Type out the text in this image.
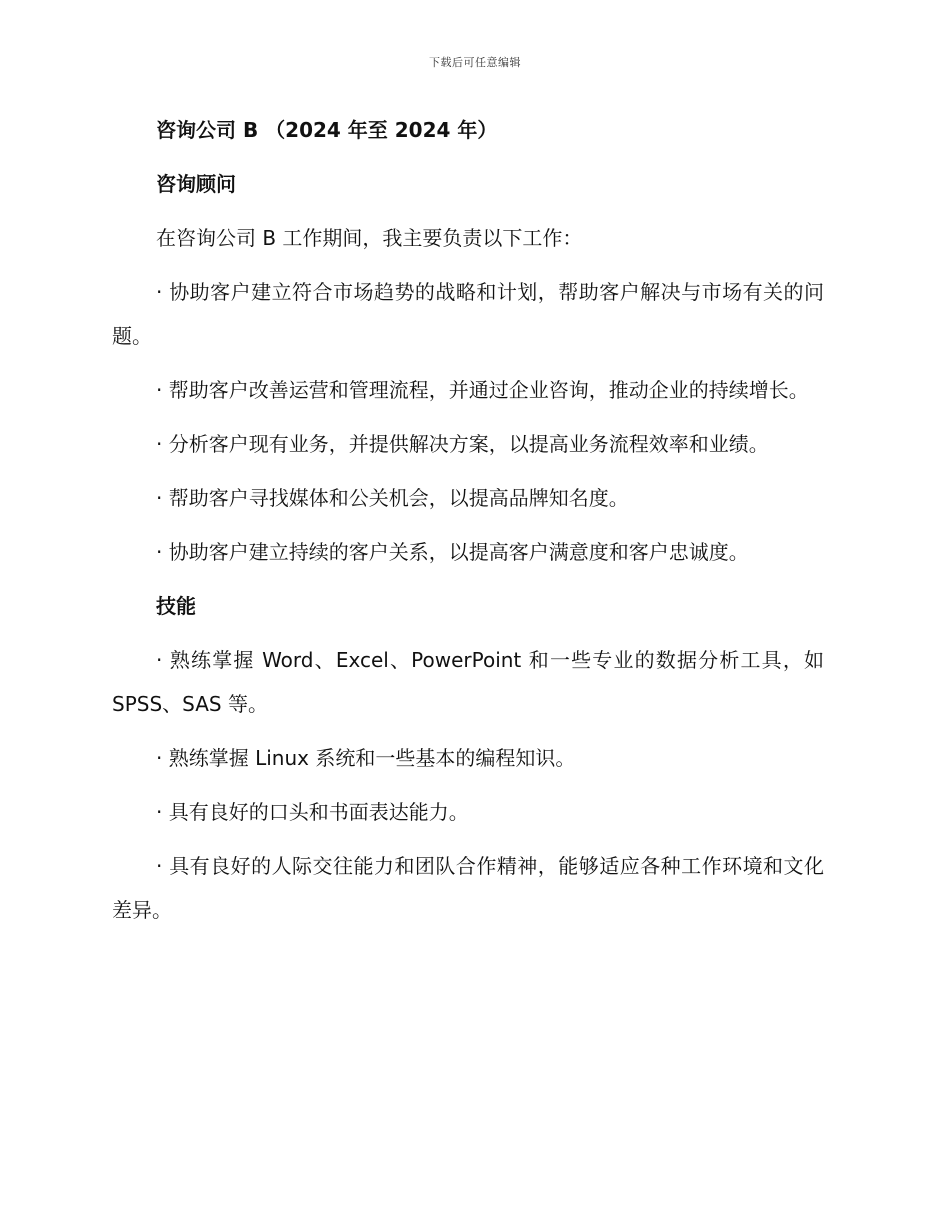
下载后可任意编辑

咨询公司 B （2024 年至 2024 年）

咨询顾问

在咨询公司 B 工作期间，我主要负责以下工作：

· 协助客户建立符合市场趋势的战略和计划，帮助客户解决与市场有关的问题。

· 帮助客户改善运营和管理流程，并通过企业咨询，推动企业的持续增长。

· 分析客户现有业务，并提供解决方案，以提高业务流程效率和业绩。

· 帮助客户寻找媒体和公关机会，以提高品牌知名度。

· 协助客户建立持续的客户关系，以提高客户满意度和客户忠诚度。

技能

· 熟练掌握 Word、Excel、PowerPoint 和一些专业的数据分析工具，如 SPSS、SAS 等。

· 熟练掌握 Linux 系统和一些基本的编程知识。

· 具有良好的口头和书面表达能力。

· 具有良好的人际交往能力和团队合作精神，能够适应各种工作环境和文化差异。
